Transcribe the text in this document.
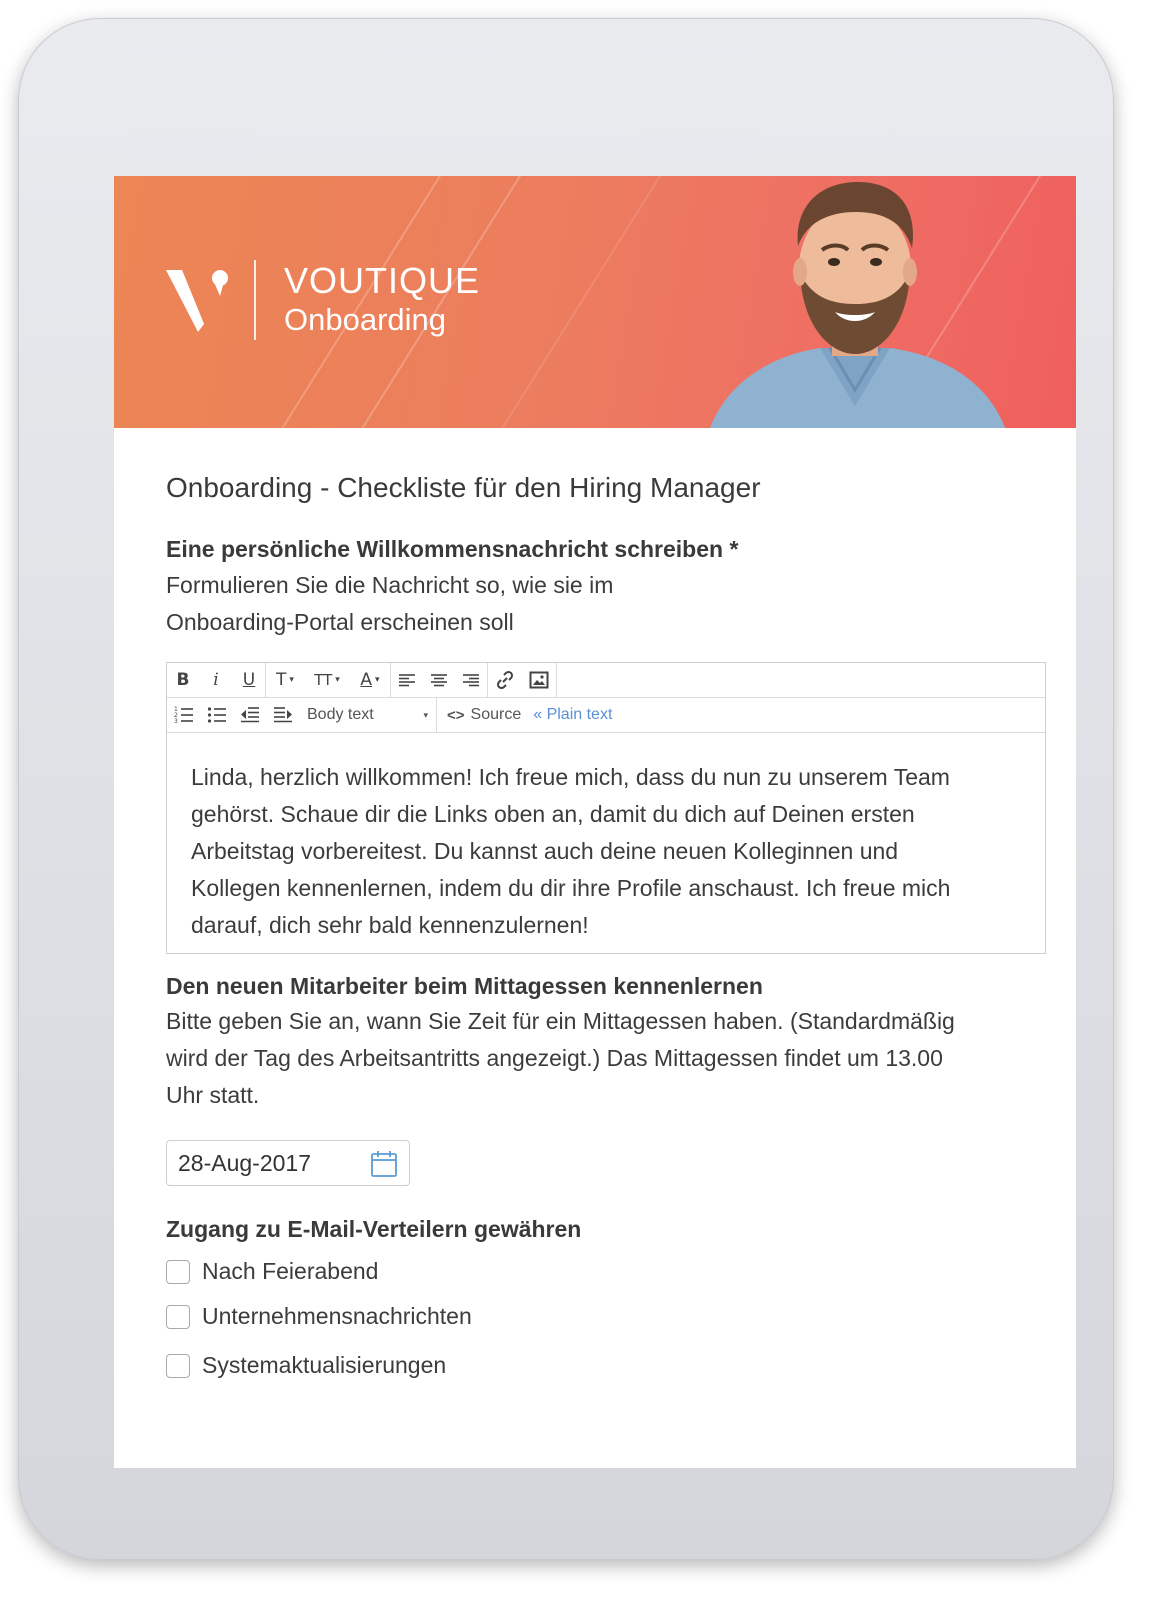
VOUTIQUE
Onboarding
Onboarding - Checkliste für den Hiring Manager
Eine persönliche Willkommensnachricht schreiben *
Formulieren Sie die Nachricht so, wie sie im
Onboarding-Portal erscheinen soll
B	i	U	T ▾ TT ▾ A ▾
1
2
3	Body text	▾ <> Source « Plain text
Linda, herzlich willkommen! Ich freue mich, dass du nun zu unserem Team
gehörst. Schaue dir die Links oben an, damit du dich auf Deinen ersten
Arbeitstag vorbereitest. Du kannst auch deine neuen Kolleginnen und
Kollegen kennenlernen, indem du dir ihre Profile anschaust. Ich freue mich
darauf, dich sehr bald kennenzulernen!
Den neuen Mitarbeiter beim Mittagessen kennenlernen
Bitte geben Sie an, wann Sie Zeit für ein Mittagessen haben. (Standardmäßig
wird der Tag des Arbeitsantritts angezeigt.) Das Mittagessen findet um 13.00
Uhr statt.
28-Aug-2017
Zugang zu E-Mail-Verteilern gewähren
Nach Feierabend
Unternehmensnachrichten
Systemaktualisierungen
